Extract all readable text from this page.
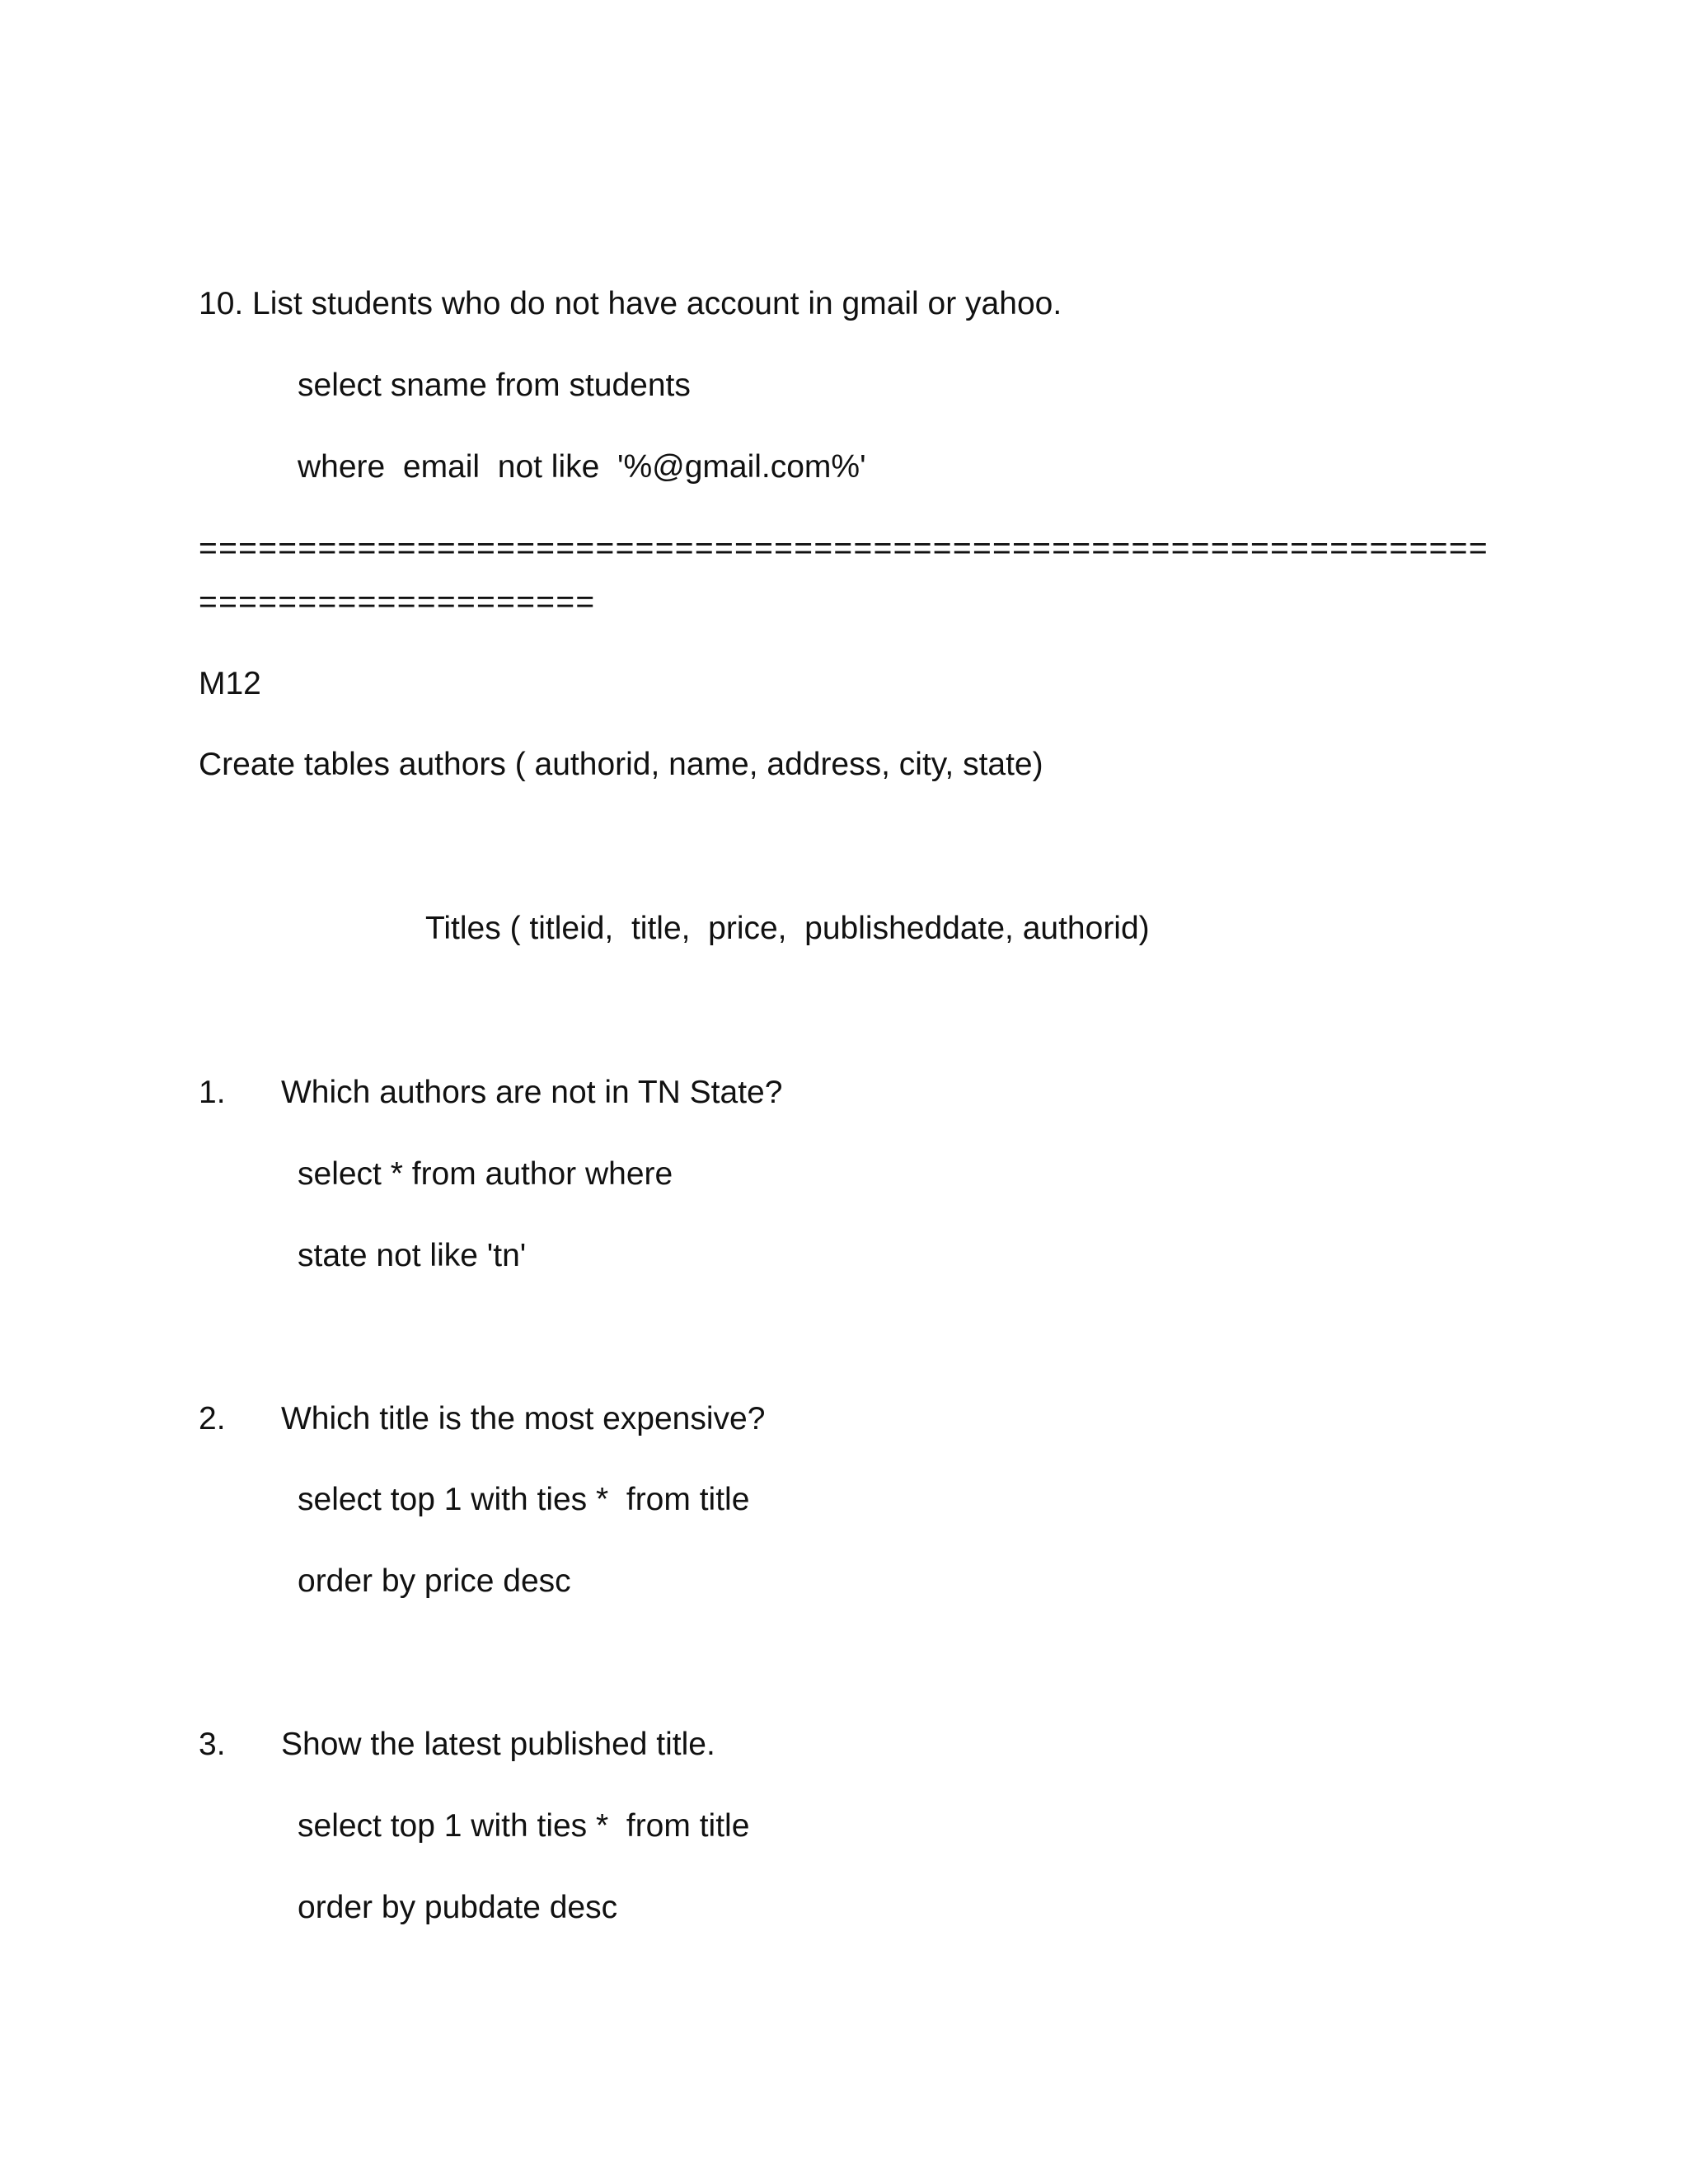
10. List students who do not have account in gmail or yahoo.
select sname from students
where  email  not like  '%@gmail.com%'
=================================================================
====================
M12
Create tables authors ( authorid, name, address, city, state)
Titles ( titleid,  title,  price,  publisheddate, authorid)
1. Which authors are not in TN State?
select * from author where
state not like 'tn'
2. Which title is the most expensive?
select top 1 with ties *  from title
order by price desc
3. Show the latest published title.
select top 1 with ties *  from title
order by pubdate desc
